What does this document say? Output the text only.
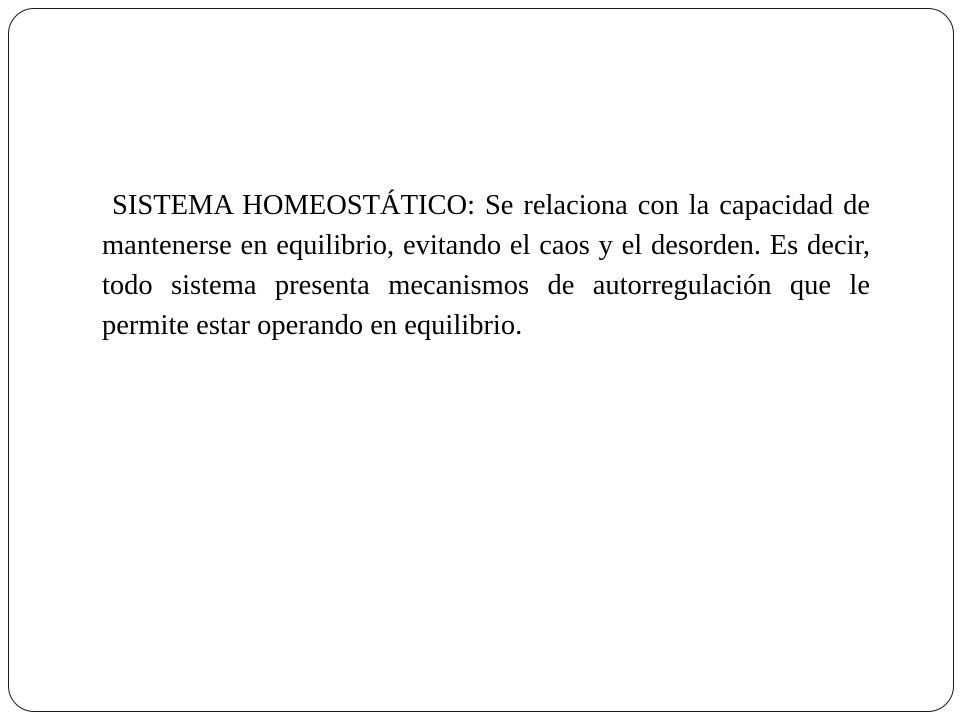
SISTEMA HOMEOSTÁTICO: Se relaciona con la capacidad de mantenerse en equilibrio, evitando el caos y el desorden. Es decir, todo sistema presenta mecanismos de autorregulación que le permite estar operando en equilibrio.
